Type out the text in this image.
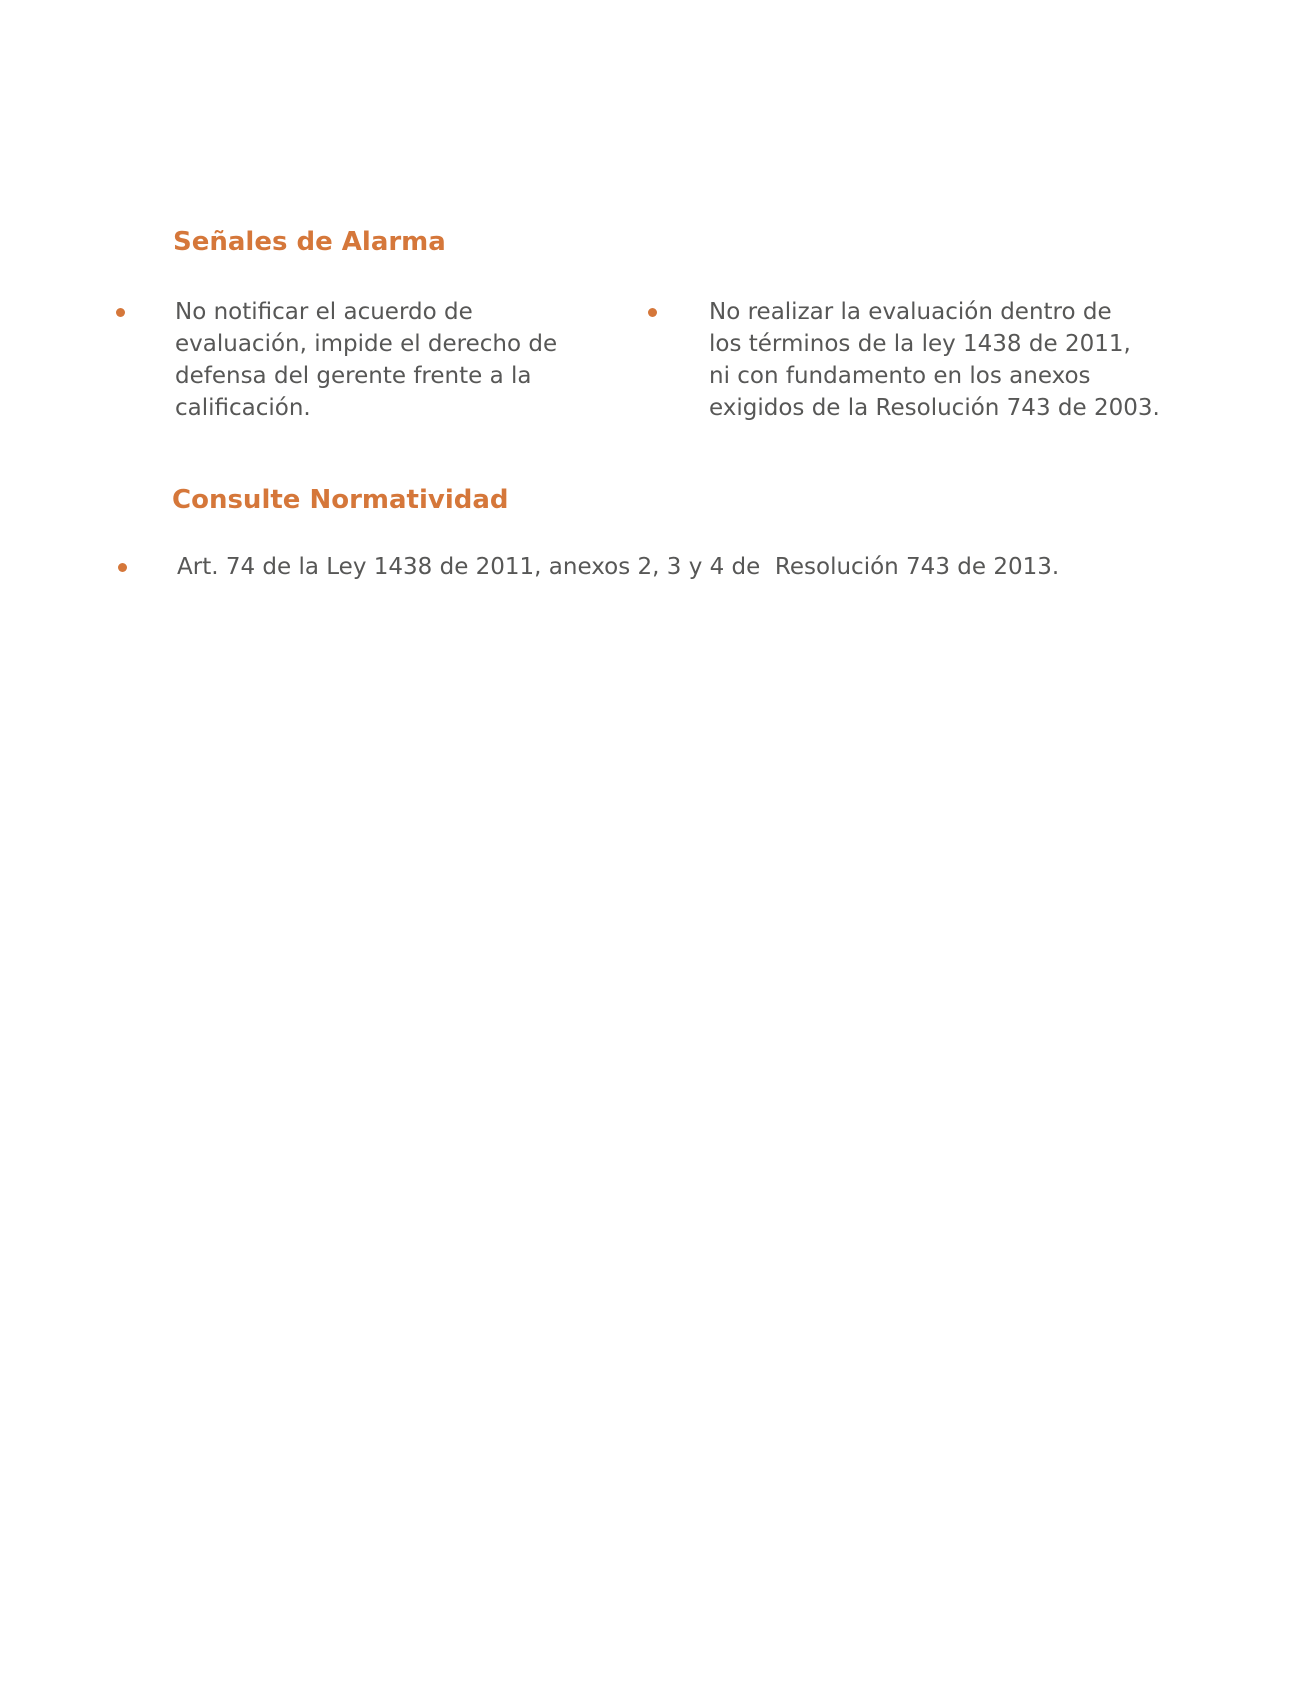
Señales de Alarma

No notificar el acuerdo de
evaluación, impide el derecho de
defensa del gerente frente a la
calificación.

No realizar la evaluación dentro de
los términos de la ley 1438 de 2011,
ni con fundamento en los anexos
exigidos de la Resolución 743 de 2003.

Consulte Normatividad

Art. 74 de la Ley 1438 de 2011, anexos 2, 3 y 4 de  Resolución 743 de 2013.
